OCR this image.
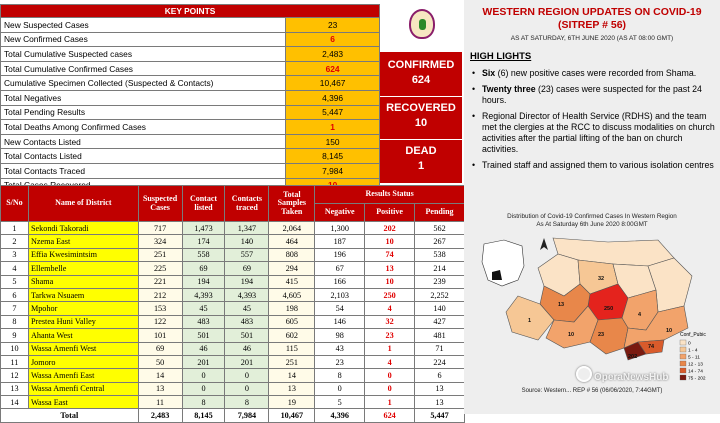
KEY POINTS	
New Suspected Cases	23
New Confirmed Cases	6
Total Cumulative Suspected cases	2,483
Total Cumulative Confirmed Cases	624
Cumulative Specimen Collected (Suspected & Contacts)	10,467
Total Negatives	4,396
Total Pending Results	5,447
Total Deaths Among Confirmed Cases	1
New Contacts Listed	150
Total Contacts Listed	8,145
Total Contacts Traced	7,984

CONFIRMED
624
RECOVERED
10
DEAD
1
S/No	Name of District	Suspected Cases	Contact listed	Contacts traced	Total Samples Taken	Results Status		
						Negative	Positive	Pending
1	Sekondi Takoradi	717	1,473	1,347	2,064	1,300	202	562
2	Nzema East	324	174	140	464	187	10	267
3	Effia Kwesimintsim	251	558	557	808	196	74	538
4	Ellembelle	225	69	69	294	67	13	214
5	Shama	221	194	194	415	166	10	239
6	Tarkwa Nsuaem	212	4,393	4,393	4,605	2,103	250	2,252
7	Mpohor	153	45	45	198	54	4	140
8	Prestea Huni Valley	122	483	483	605	146	32	427
9	Ahanta West	101	501	501	602	98	23	481
10	Wassa Amenfi West	69	46	46	115	43	1	71
11	Jomoro	50	201	201	251	23	4	224
12	Wassa Amenfi East	14	0	0	14	8	0	6
13	Wassa Amenfi Central	13	0	0	13	0	0	13
14	Wassa East	11	8	8	19	5	1	13
Total		2,483	8,145	7,984	10,467	4,396	624	5,447
WESTERN REGION UPDATES ON COVID-19
(SITREP # 56)
AS AT SATURDAY, 6TH JUNE 2020 (AS AT 08:00 GMT)
HIGH LIGHTS
• Six (6) new positive cases were recorded from Shama.
• Twenty three (23) cases were suspected for the past 24 hours.
• Regional Director of Health Service (RDHS) and the team met the clergies at the RCC to discuss modalities on church activities after the partial lifting of the ban on church activities.
• Trained staff and assigned them to various isolation centres
Distribution of Covid-19 Confirmed Cases In Western Region
As At Saturday 6th June 2020 8:00GMT
250
32
23
74
10
13
10
4
1
202
Conf_Pubic
0
1 - 4
5 - 11
12 - 13
14 - 74
75 - 202
Source: Western... REP # 56 (06/06/2020, 7:44GMT)
OperaNewsHub
